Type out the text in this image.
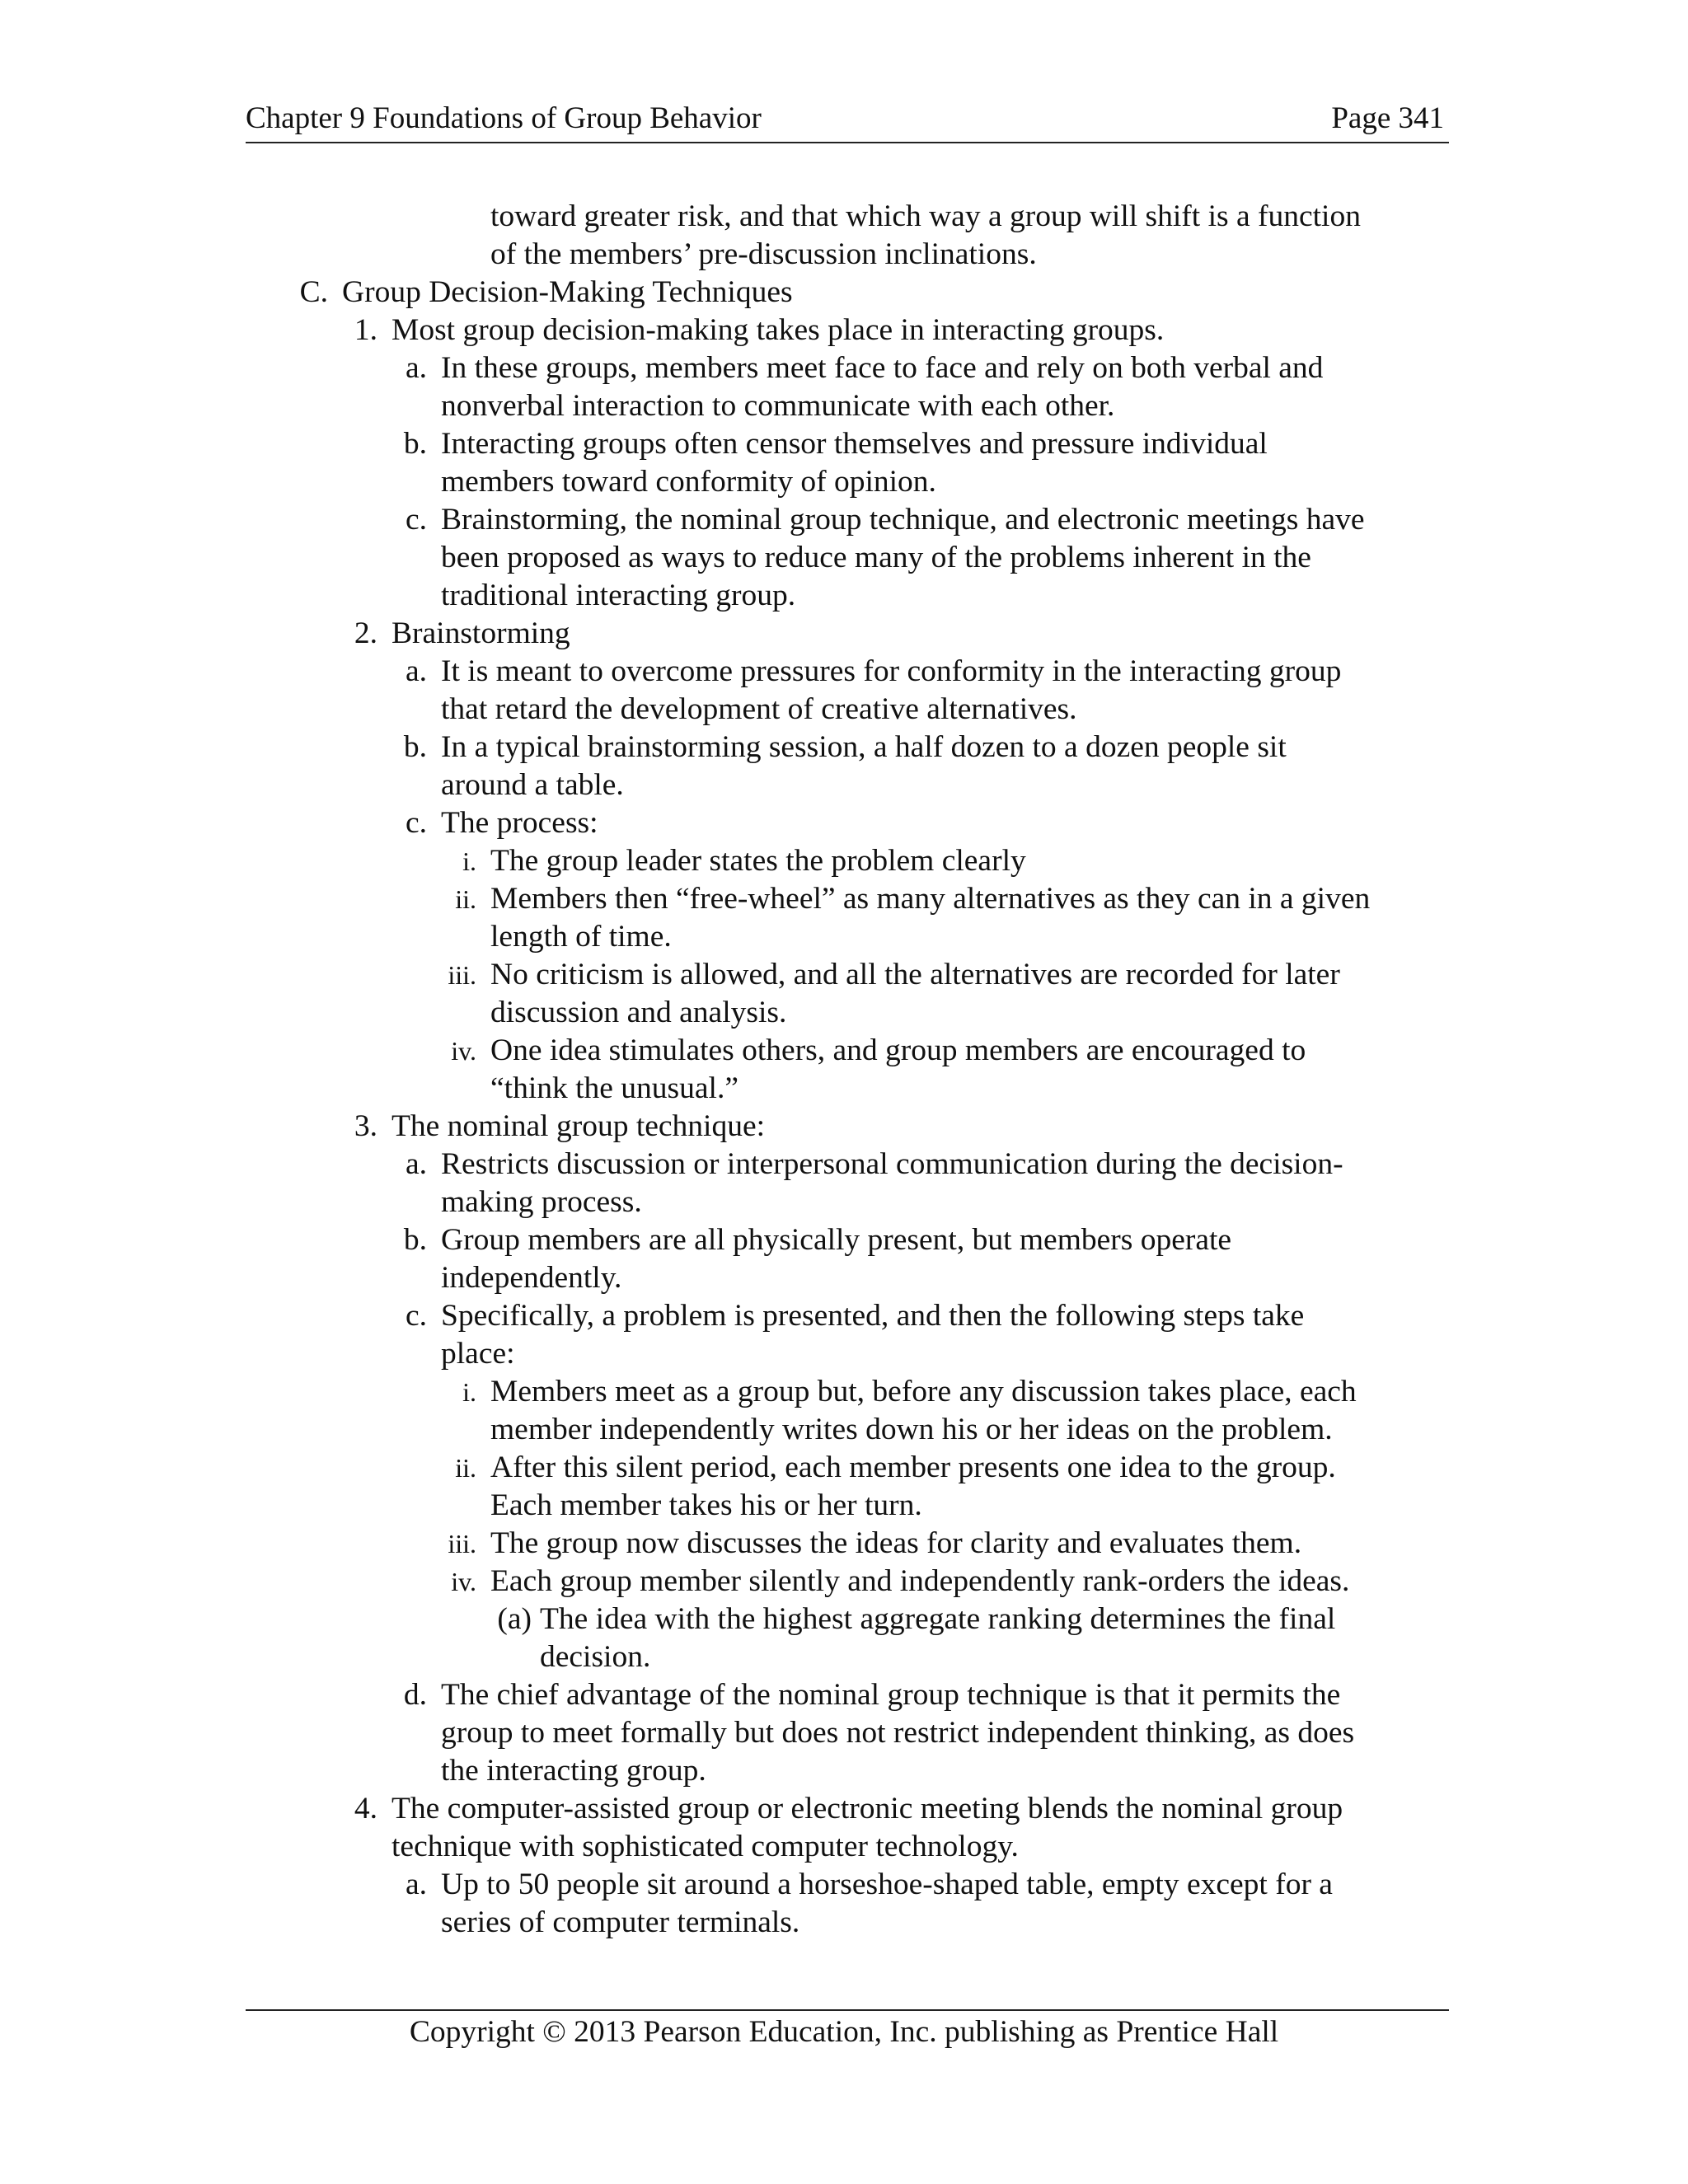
Chapter 9 Foundations of Group Behavior	Page 341
toward greater risk, and that which way a group will shift is a function
of the members’ pre-discussion inclinations.
C. Group Decision-Making Techniques
1. Most group decision-making takes place in interacting groups.
a. In these groups, members meet face to face and rely on both verbal and
nonverbal interaction to communicate with each other.
b. Interacting groups often censor themselves and pressure individual
members toward conformity of opinion.
c. Brainstorming, the nominal group technique, and electronic meetings have
been proposed as ways to reduce many of the problems inherent in the
traditional interacting group.
2. Brainstorming
a. It is meant to overcome pressures for conformity in the interacting group
that retard the development of creative alternatives.
b. In a typical brainstorming session, a half dozen to a dozen people sit
around a table.
c. The process:
i. The group leader states the problem clearly
ii. Members then “free-wheel” as many alternatives as they can in a given
length of time.
iii. No criticism is allowed, and all the alternatives are recorded for later
discussion and analysis.
iv. One idea stimulates others, and group members are encouraged to
“think the unusual.”
3. The nominal group technique:
a. Restricts discussion or interpersonal communication during the decision-
making process.
b. Group members are all physically present, but members operate
independently.
c. Specifically, a problem is presented, and then the following steps take
place:
i. Members meet as a group but, before any discussion takes place, each
member independently writes down his or her ideas on the problem.
ii. After this silent period, each member presents one idea to the group.
Each member takes his or her turn.
iii. The group now discusses the ideas for clarity and evaluates them.
iv. Each group member silently and independently rank-orders the ideas.
(a) The idea with the highest aggregate ranking determines the final
decision.
d. The chief advantage of the nominal group technique is that it permits the
group to meet formally but does not restrict independent thinking, as does
the interacting group.
4. The computer-assisted group or electronic meeting blends the nominal group
technique with sophisticated computer technology.
a. Up to 50 people sit around a horseshoe-shaped table, empty except for a
series of computer terminals.
Copyright © 2013 Pearson Education, Inc. publishing as Prentice Hall
